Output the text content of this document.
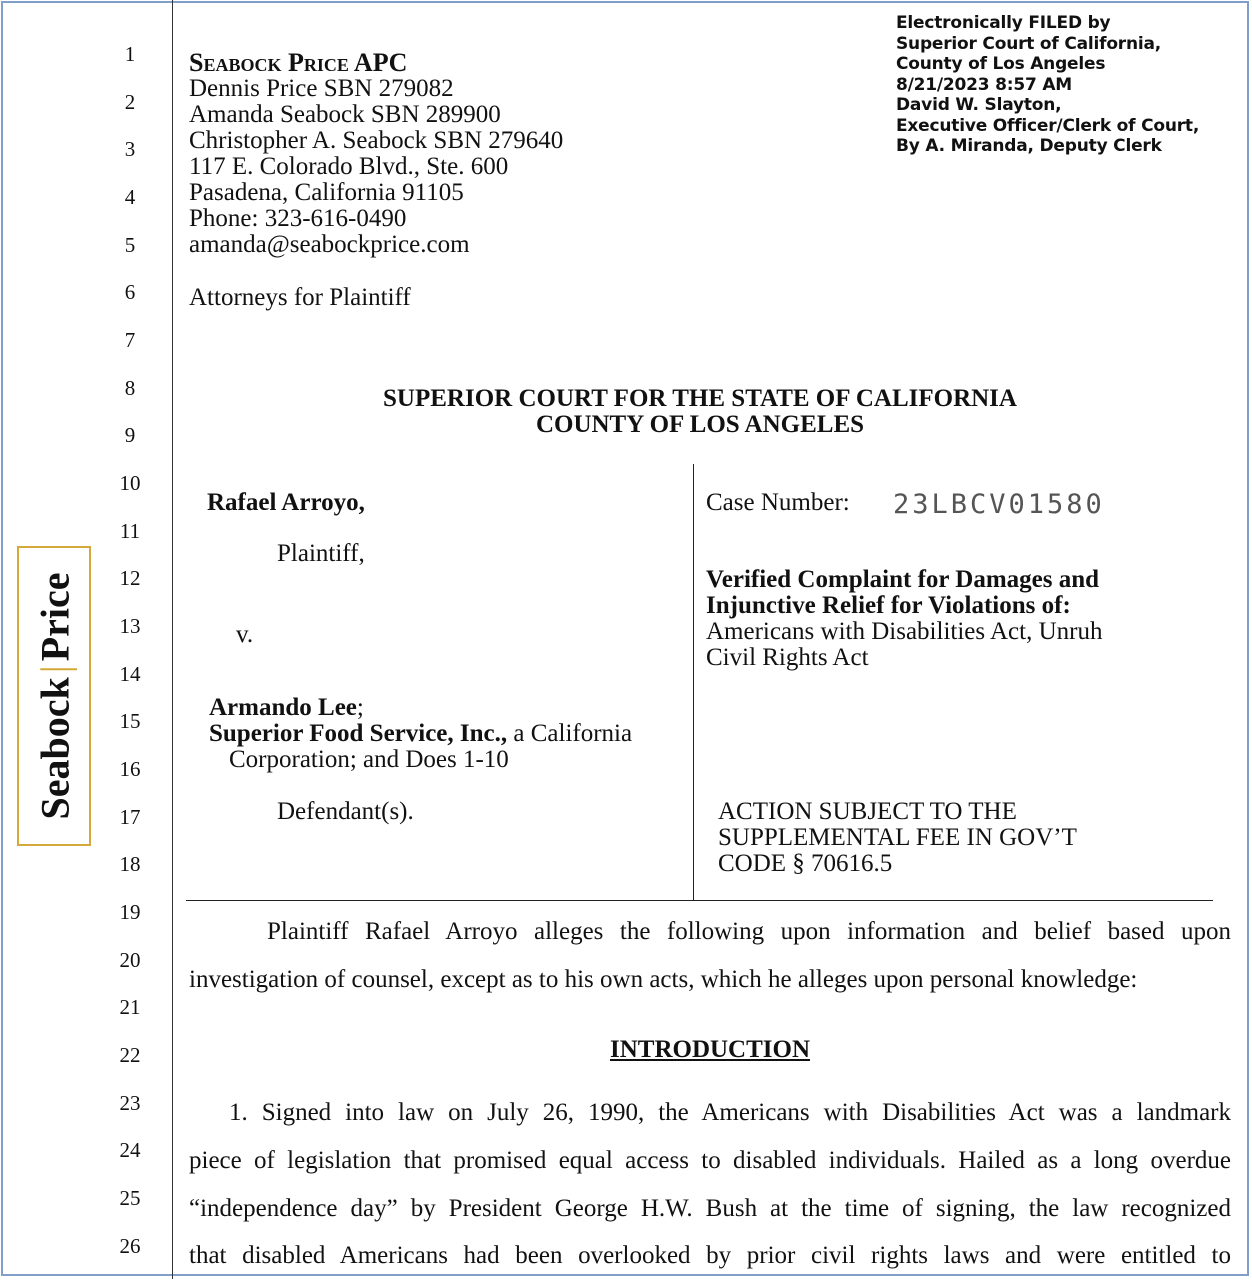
1
2
3
4
5
6
7
8
9
10
11
12
13
14
15
16
17
18
19
20
21
22
23
24
25
26
Seabock|Price
Electronically FILED by
Superior Court of California,
County of Los Angeles
8/21/2023 8:57 AM
David W. Slayton,
Executive Officer/Clerk of Court,
By A. Miranda, Deputy Clerk
Seabock Price APC
Dennis Price SBN 279082
Amanda Seabock SBN 289900
Christopher A. Seabock SBN 279640
117 E. Colorado Blvd., Ste. 600
Pasadena, California 91105
Phone: 323-616-0490
amanda@seabockprice.com
Attorneys for Plaintiff
SUPERIOR COURT FOR THE STATE OF CALIFORNIA
COUNTY OF LOS ANGELES
Rafael Arroyo,
Plaintiff,
v.
Armando Lee;
Superior Food Service, Inc., a California
Corporation; and Does 1-10
Defendant(s).
Case Number: 23LBCV01580
Verified Complaint for Damages and
Injunctive Relief for Violations of:
Americans with Disabilities Act, Unruh
Civil Rights Act
ACTION SUBJECT TO THE
SUPPLEMENTAL FEE IN GOV’T
CODE § 70616.5
Plaintiff Rafael Arroyo alleges the following upon information and belief based upon
investigation of counsel, except as to his own acts, which he alleges upon personal knowledge:
INTRODUCTION
1. Signed into law on July 26, 1990, the Americans with Disabilities Act was a landmark
piece of legislation that promised equal access to disabled individuals. Hailed as a long overdue
“independence day” by President George H.W. Bush at the time of signing, the law recognized
that disabled Americans had been overlooked by prior civil rights laws and were entitled to
